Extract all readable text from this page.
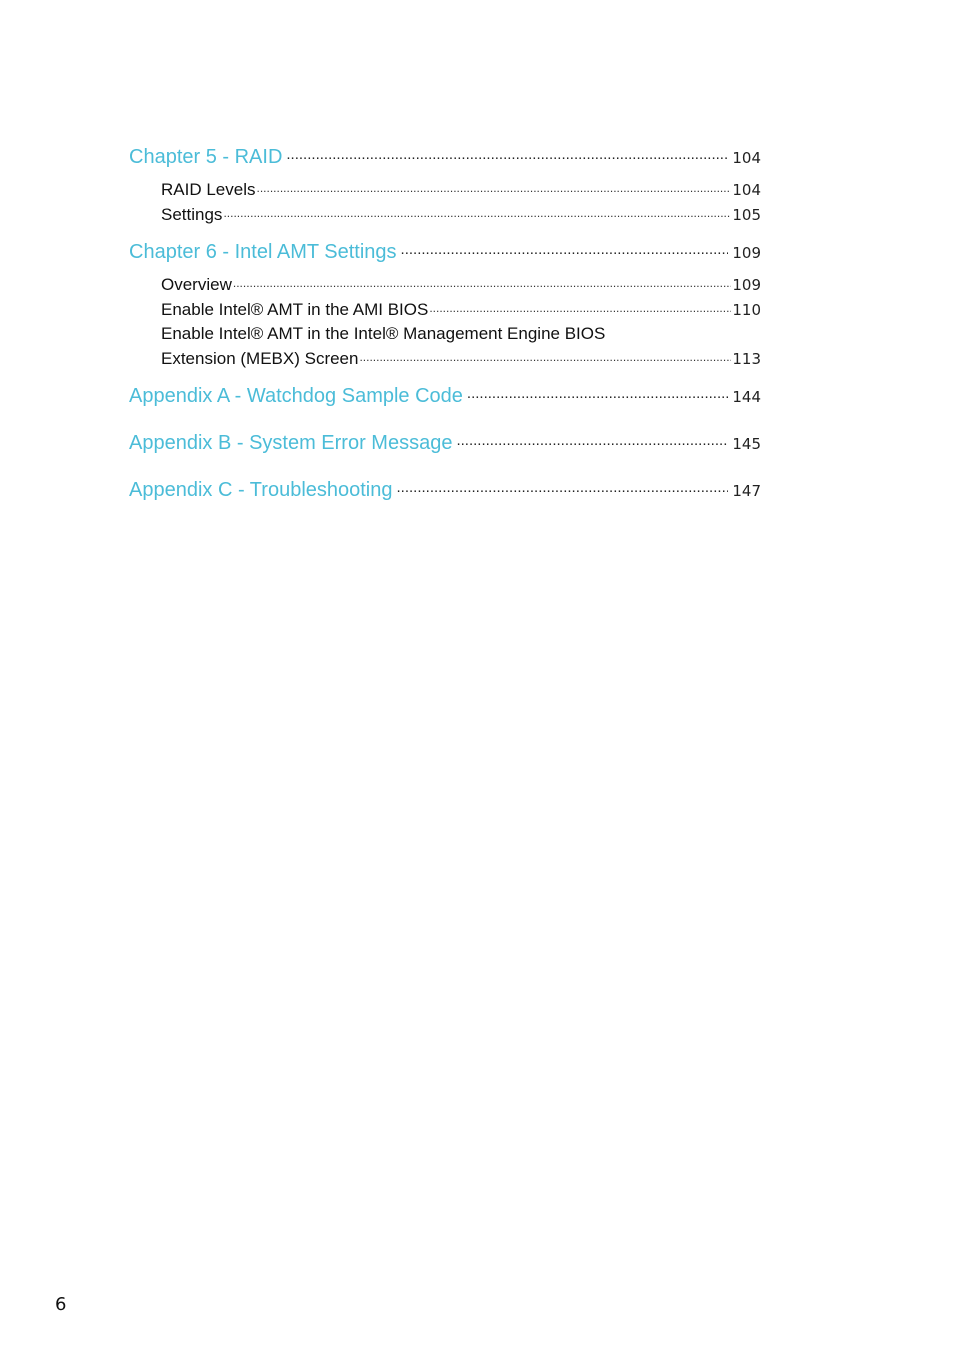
Chapter 5 - RAID .....	104
RAID Levels .....	104
Settings .....	105
Chapter 6 - Intel AMT Settings .....	109
Overview .....	109
Enable Intel® AMT in the AMI BIOS .....	110
Enable Intel® AMT in the Intel® Management Engine BIOS
Extension (MEBX) Screen .....	113
Appendix A - Watchdog Sample Code .....	144
Appendix B - System Error Message .....	145
Appendix C - Troubleshooting .....	147
6
